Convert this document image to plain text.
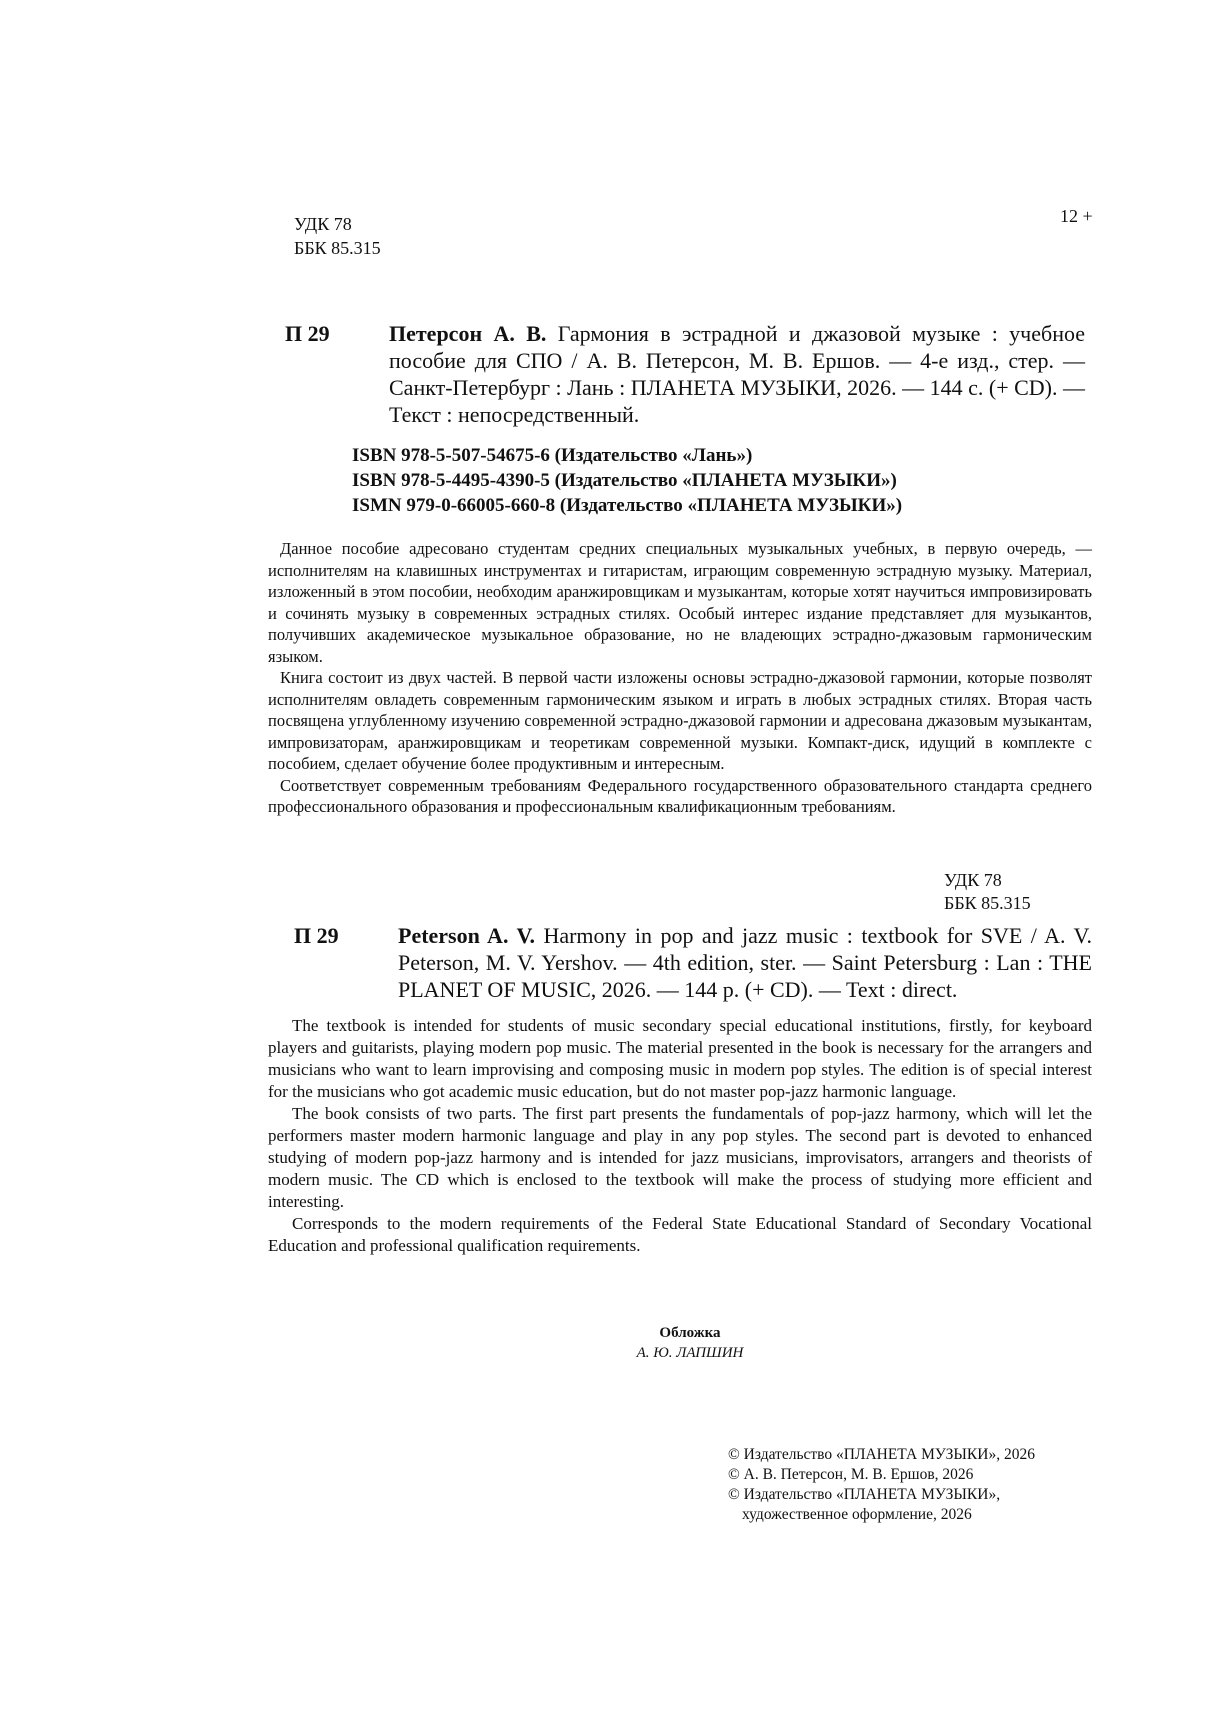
УДК 78
ББК 85.315
12 +
П 29	Петерсон А. В. Гармония в эстрадной и джазовой музыке : учебное пособие для СПО / А. В. Петерсон, М. В. Ершов. — 4-е изд., стер. — Санкт-Петербург : Лань : ПЛАНЕТА МУЗЫКИ, 2026. — 144 с. (+ CD). — Текст : непосредственный.
ISBN 978-5-507-54675-6 (Издательство «Лань»)
ISBN 978-5-4495-4390-5 (Издательство «ПЛАНЕТА МУЗЫКИ»)
ISMN 979-0-66005-660-8 (Издательство «ПЛАНЕТА МУЗЫКИ»)

Данное пособие адресовано студентам средних специальных музыкальных учебных, в первую очередь, — исполнителям на клавишных инструментах и гитаристам, играющим современную эстрадную музыку. Материал, изложенный в этом пособии, необходим аранжировщикам и музыкантам, которые хотят научиться импровизировать и сочинять музыку в современных эстрадных стилях. Особый интерес издание представляет для музыкантов, получивших академическое музыкальное образование, но не владеющих эстрадно-джазовым гармоническим языком.

Книга состоит из двух частей. В первой части изложены основы эстрадно-джазовой гармонии, которые позволят исполнителям овладеть современным гармоническим языком и играть в любых эстрадных стилях. Вторая часть посвящена углубленному изучению современной эстрадно-джазовой гармонии и адресована джазовым музыкантам, импровизаторам, аранжировщикам и теоретикам современной музыки. Компакт-диск, идущий в комплекте с пособием, сделает обучение более продуктивным и интересным.

Соответствует современным требованиям Федерального государственного образовательного стандарта среднего профессионального образования и профессиональным квалификационным требованиям.

УДК 78
ББК 85.315
П 29	Peterson A. V. Harmony in pop and jazz music : textbook for SVE / A. V. Peterson, M. V. Yershov. — 4th edition, ster. — Saint Petersburg : Lan : THE PLANET OF MUSIC, 2026. — 144 p. (+ CD). — Text : direct.

The textbook is intended for students of music secondary special educational institutions, firstly, for keyboard players and guitarists, playing modern pop music. The material presented in the book is necessary for the arrangers and musicians who want to learn improvising and composing music in modern pop styles. The edition is of special interest for the musicians who got academic music education, but do not master pop-jazz harmonic language.

The book consists of two parts. The first part presents the fundamentals of pop-jazz harmony, which will let the performers master modern harmonic language and play in any pop styles. The second part is devoted to enhanced studying of modern pop-jazz harmony and is intended for jazz musicians, improvisators, arrangers and theorists of modern music. The CD which is enclosed to the textbook will make the process of studying more efficient and interesting.

Corresponds to the modern requirements of the Federal State Educational Standard of Secondary Vocational Education and professional qualification requirements.

Обложка
А. Ю. ЛАПШИН
© Издательство «ПЛАНЕТА МУЗЫКИ», 2026
© А. В. Петерсон, М. В. Ершов, 2026
© Издательство «ПЛАНЕТА МУЗЫКИ»,
художественное оформление, 2026
